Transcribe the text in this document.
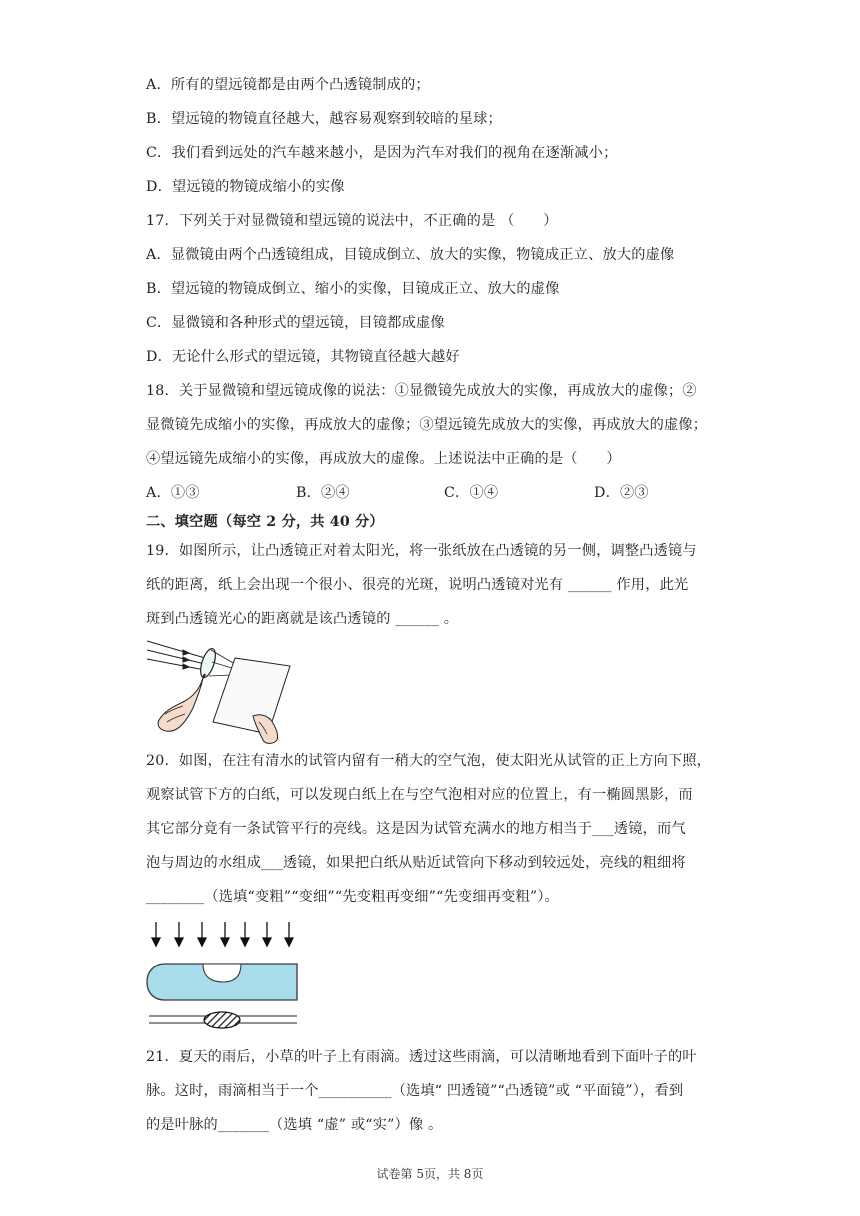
A．所有的望远镜都是由两个凸透镜制成的；
B．望远镜的物镜直径越大，越容易观察到较暗的星球；
C．我们看到远处的汽车越来越小，是因为汽车对我们的视角在逐渐减小；
D．望远镜的物镜成缩小的实像
17．下列关于对显微镜和望远镜的说法中，不正确的是 （　　）
A．显微镜由两个凸透镜组成，目镜成倒立、放大的实像，物镜成正立、放大的虚像
B．望远镜的物镜成倒立、缩小的实像，目镜成正立、放大的虚像
C．显微镜和各种形式的望远镜，目镜都成虚像
D．无论什么形式的望远镜，其物镜直径越大越好
18．关于显微镜和望远镜成像的说法：①显微镜先成放大的实像，再成放大的虚像；②
显微镜先成缩小的实像，再成放大的虚像；③望远镜先成放大的实像，再成放大的虚像；
④望远镜先成缩小的实像，再成放大的虚像。上述说法中正确的是（　　）
A．①③	B．②④	C．①④	D．②③
二、填空题（每空 2 分，共 40 分）
19．如图所示，让凸透镜正对着太阳光，将一张纸放在凸透镜的另一侧，调整凸透镜与
纸的距离，纸上会出现一个很小、很亮的光斑，说明凸透镜对光有 ______ 作用，此光
斑到凸透镜光心的距离就是该凸透镜的 ______ 。
20．如图，在注有清水的试管内留有一稍大的空气泡，使太阳光从试管的正上方向下照，
观察试管下方的白纸，可以发现白纸上在与空气泡相对应的位置上，有一椭圆黑影，而
其它部分竟有一条试管平行的亮线。这是因为试管充满水的地方相当于___透镜，而气
泡与周边的水组成___透镜，如果把白纸从贴近试管向下移动到较远处，亮线的粗细将
________（选填“变粗”“变细”“先变粗再变细”“先变细再变粗”）。
21．夏天的雨后，小草的叶子上有雨滴。透过这些雨滴，可以清晰地看到下面叶子的叶
脉。这时，雨滴相当于一个__________（选填“ 凹透镜”“凸透镜”或 “平面镜”），看到
的是叶脉的_______（选填 “虚” 或“实”）像 。
试卷第 5页，共 8页
